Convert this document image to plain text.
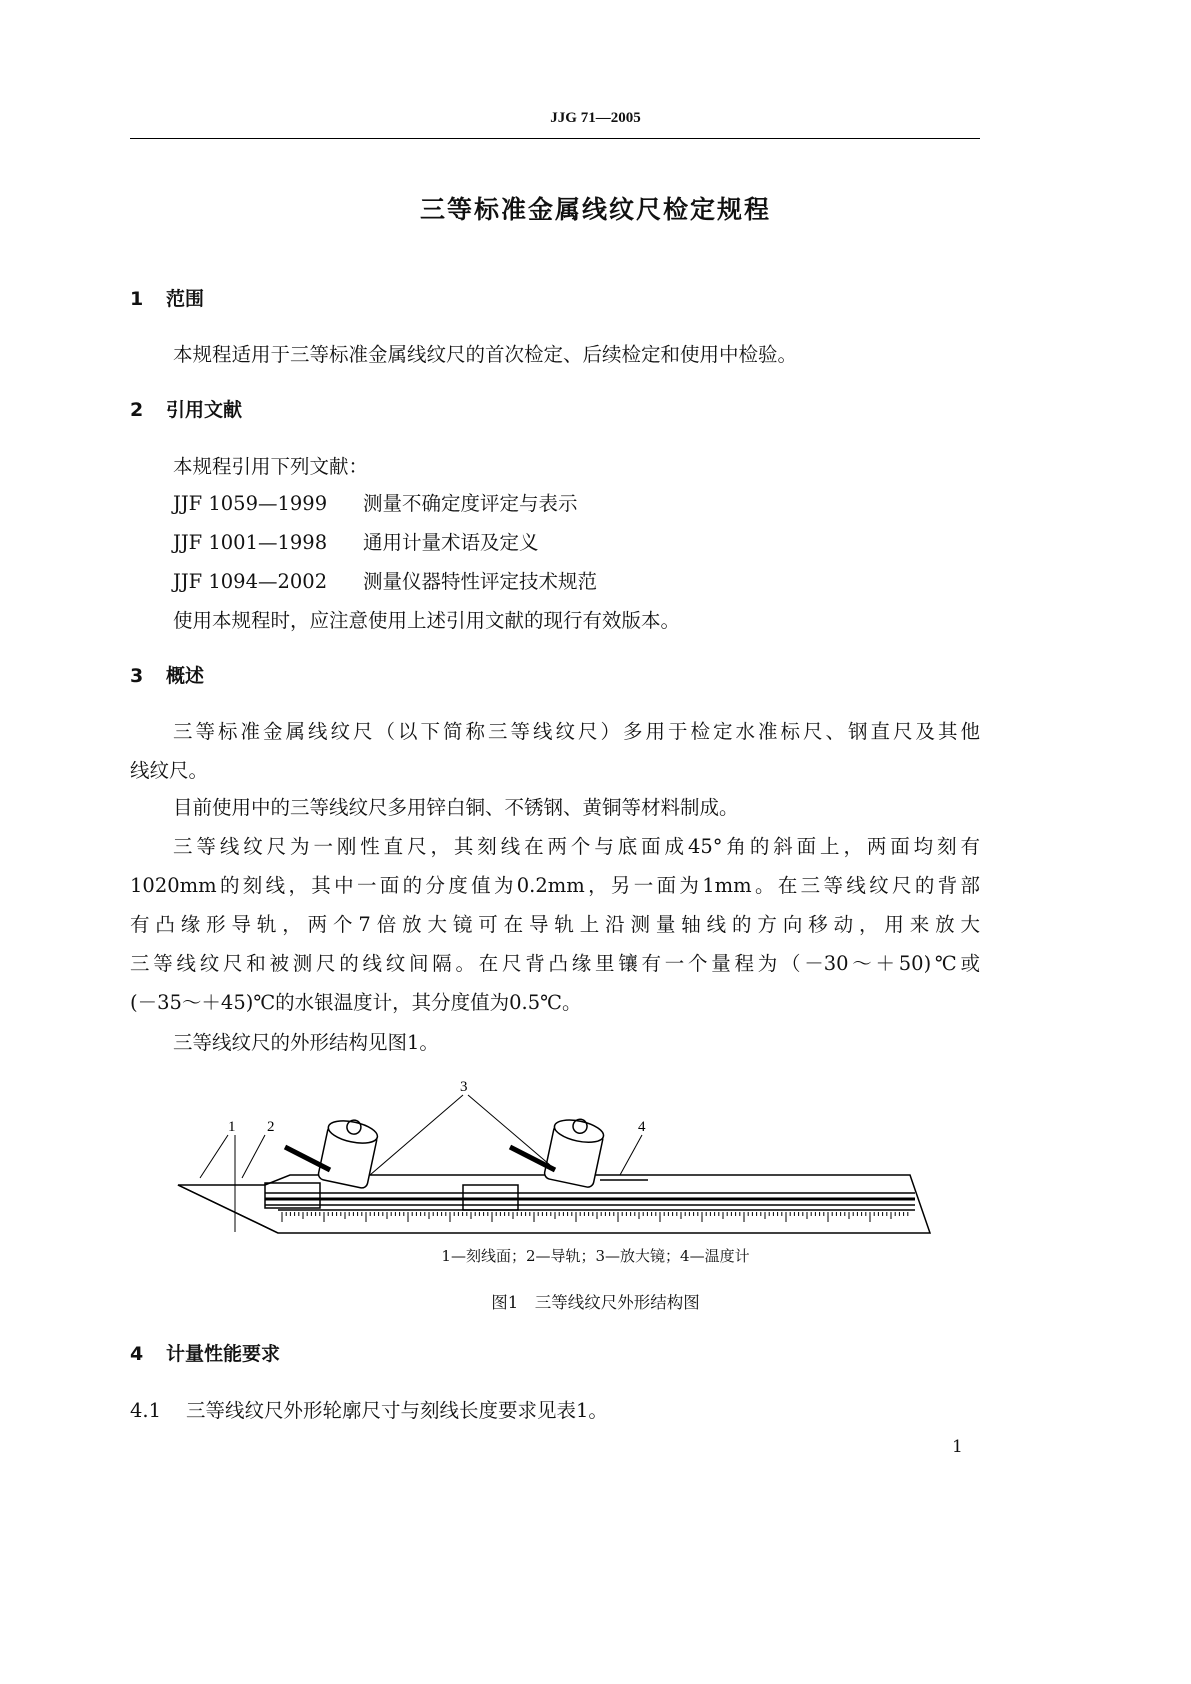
JJG 71—2005
三等标准金属线纹尺检定规程
1 范围
本规程适用于三等标准金属线纹尺的首次检定、后续检定和使用中检验。
2 引用文献
本规程引用下列文献：
JJF 1059—1999 测量不确定度评定与表示
JJF 1001—1998 通用计量术语及定义
JJF 1094—2002 测量仪器特性评定技术规范
使用本规程时，应注意使用上述引用文献的现行有效版本。
3 概述
三等标准金属线纹尺（以下简称三等线纹尺）多用于检定水准标尺、钢直尺及其他
线纹尺。
目前使用中的三等线纹尺多用锌白铜、不锈钢、黄铜等材料制成。
三等线纹尺为一刚性直尺，其刻线在两个与底面成45°角的斜面上，两面均刻有
1020mm的刻线，其中一面的分度值为0.2mm，另一面为1mm。在三等线纹尺的背部
有凸缘形导轨，两个7倍放大镜可在导轨上沿测量轴线的方向移动，用来放大
三等线纹尺和被测尺的线纹间隔。在尺背凸缘里镶有一个量程为（－30～＋50)℃或
(－35～＋45)℃的水银温度计，其分度值为0.5℃。
三等线纹尺的外形结构见图1。
1 2
3
4
1—刻线面；2—导轨；3—放大镜；4—温度计
图1　三等线纹尺外形结构图
4 计量性能要求
4.1 三等线纹尺外形轮廓尺寸与刻线长度要求见表1。
1
